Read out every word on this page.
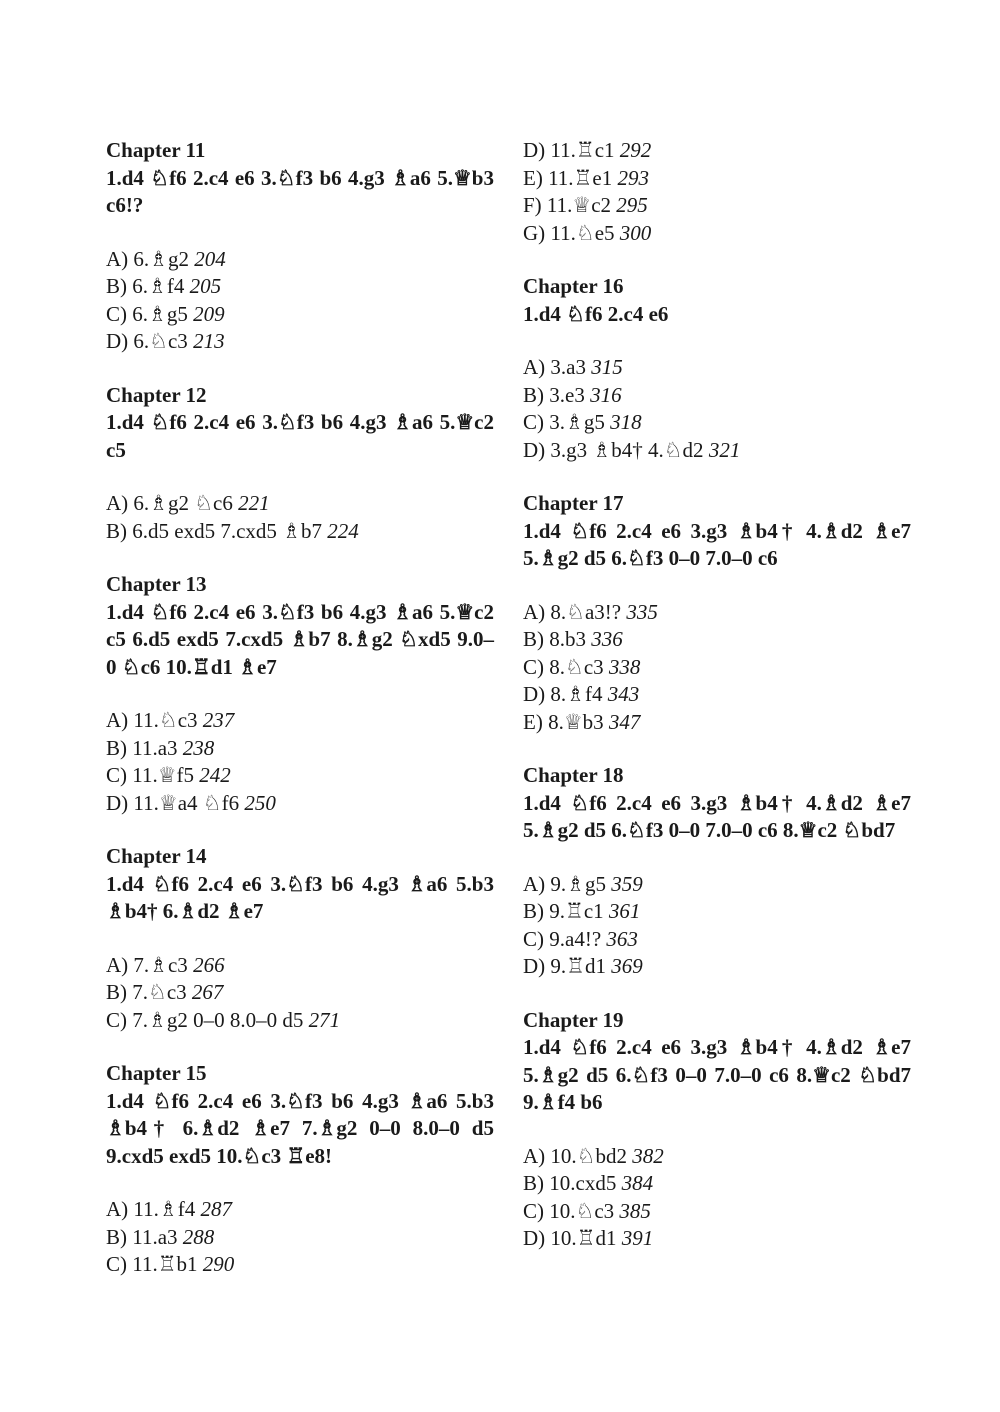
Chapter 11
1.d4 ♘f6 2.c4 e6 3.♘f3 b6 4.g3 ♗a6 5.♕b3 c6!?
A) 6.♗g2 204
B) 6.♗f4 205
C) 6.♗g5 209
D) 6.♘c3 213
Chapter 12
1.d4 ♘f6 2.c4 e6 3.♘f3 b6 4.g3 ♗a6 5.♕c2 c5
A) 6.♗g2 ♘c6 221
B) 6.d5 exd5 7.cxd5 ♗b7 224
Chapter 13
1.d4 ♘f6 2.c4 e6 3.♘f3 b6 4.g3 ♗a6 5.♕c2 c5 6.d5 exd5 7.cxd5 ♗b7 8.♗g2 ♘xd5 9.0–0 ♘c6 10.♖d1 ♗e7
A) 11.♘c3 237
B) 11.a3 238
C) 11.♕f5 242
D) 11.♕a4 ♘f6 250
Chapter 14
1.d4 ♘f6 2.c4 e6 3.♘f3 b6 4.g3 ♗a6 5.b3 ♗b4† 6.♗d2 ♗e7
A) 7.♗c3 266
B) 7.♘c3 267
C) 7.♗g2 0–0 8.0–0 d5 271
Chapter 15
1.d4 ♘f6 2.c4 e6 3.♘f3 b6 4.g3 ♗a6 5.b3 ♗b4† 6.♗d2 ♗e7 7.♗g2 0–0 8.0–0 d5 9.cxd5 exd5 10.♘c3 ♖e8!
A) 11.♗f4 287
B) 11.a3 288
C) 11.♖b1 290
D) 11.♖c1 292
E) 11.♖e1 293
F) 11.♕c2 295
G) 11.♘e5 300
Chapter 16
1.d4 ♘f6 2.c4 e6
A) 3.a3 315
B) 3.e3 316
C) 3.♗g5 318
D) 3.g3 ♗b4† 4.♘d2 321
Chapter 17
1.d4 ♘f6 2.c4 e6 3.g3 ♗b4† 4.♗d2 ♗e7 5.♗g2 d5 6.♘f3 0–0 7.0–0 c6
A) 8.♘a3!? 335
B) 8.b3 336
C) 8.♘c3 338
D) 8.♗f4 343
E) 8.♕b3 347
Chapter 18
1.d4 ♘f6 2.c4 e6 3.g3 ♗b4† 4.♗d2 ♗e7 5.♗g2 d5 6.♘f3 0–0 7.0–0 c6 8.♕c2 ♘bd7
A) 9.♗g5 359
B) 9.♖c1 361
C) 9.a4!? 363
D) 9.♖d1 369
Chapter 19
1.d4 ♘f6 2.c4 e6 3.g3 ♗b4† 4.♗d2 ♗e7 5.♗g2 d5 6.♘f3 0–0 7.0–0 c6 8.♕c2 ♘bd7 9.♗f4 b6
A) 10.♘bd2 382
B) 10.cxd5 384
C) 10.♘c3 385
D) 10.♖d1 391
